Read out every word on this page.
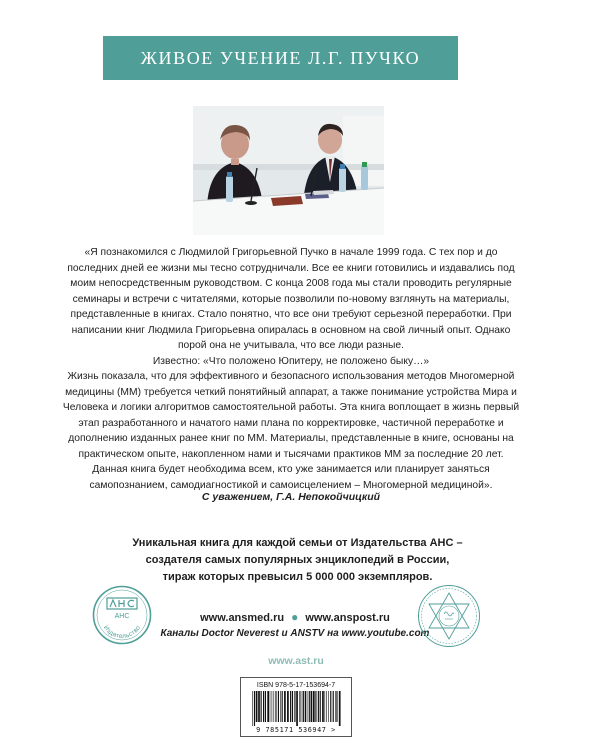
ЖИВОЕ УЧЕНИЕ Л.Г. ПУЧКО

«Я познакомился с Людмилой Григорьевной Пучко в начале 1999 года. С тех пор и до последних дней ее жизни мы тесно сотрудничали. Все ее книги готовились и издавались под моим непосредственным руководством. С конца 2008 года мы стали проводить регулярные семинары и встречи с читателями, которые позволили по-новому взглянуть на материалы, представленные в книгах. Стало понятно, что все они требуют серьезной переработки. При написании книг Людмила Григорьевна опиралась в основном на свой личный опыт. Однако порой она не учитывала, что все люди разные.

Известно: «Что положено Юпитеру, не положено быку…»

Жизнь показала, что для эффективного и безопасного использования методов Многомерной медицины (ММ) требуется четкий понятийный аппарат, а также понимание устройства Мира и Человека и логики алгоритмов самостоятельной работы. Эта книга воплощает в жизнь первый этап разработанного и начатого нами плана по корректировке, частичной переработке и дополнению изданных ранее книг по ММ. Материалы, представленные в книге, основаны на практическом опыте, накопленном нами и тысячами практиков ММ за последние 20 лет.

Данная книга будет необходима всем, кто уже занимается или планирует заняться самопознанием, самодиагностикой и самоисцелением – Многомерной медициной».

С уважением, Г.А. Непокойчицкий

Уникальная книга для каждой семьи от Издательства АНС –

создателя самых популярных энциклопедий в России,

тираж которых превысил 5 000 000 экземпляров.

АНС
Издательство
www.ansmed.ru ● www.anspost.ru
Каналы Doctor Neverest и ANSTV на www.youtube.com
www.ast.ru
ISBN 978-5-17-153694-7
9 785171 536947 >
